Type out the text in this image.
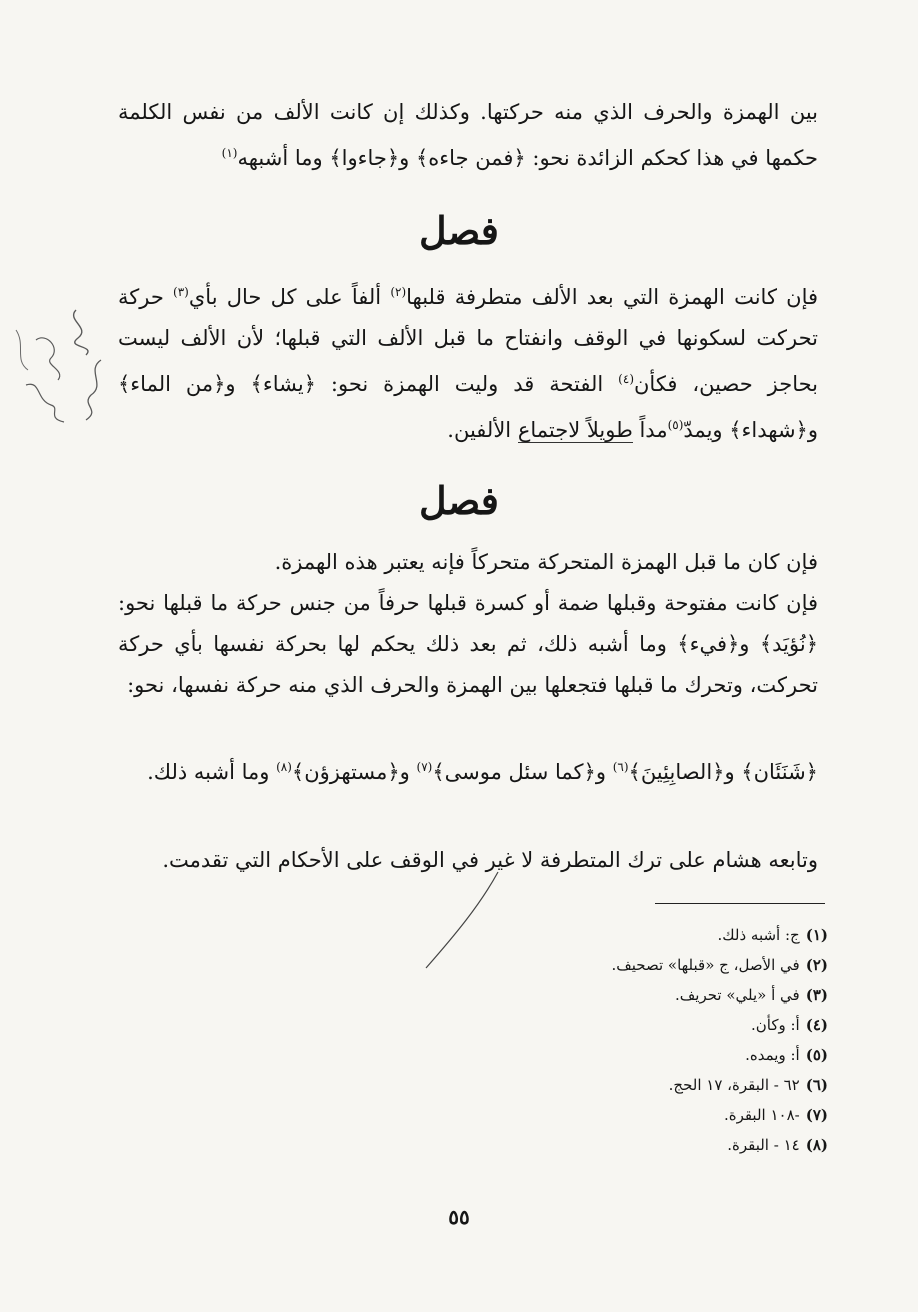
بين الهمزة والحرف الذي منه حركتها. وكذلك إن كانت الألف من نفس الكلمة حكمها في هذا كحكم الزائدة نحو: ﴿فمن جاءه﴾ و﴿جاءوا﴾ وما أشبهه$^{(١)}$

فصل

فإن كانت الهمزة التي بعد الألف متطرفة قلبها$^{(٢)}$ ألفاً على كل حال بأي$^{(٣)}$ حركة تحركت لسكونها في الوقف وانفتاح ما قبل الألف التي قبلها؛ لأن الألف ليست بحاجز حصين، فكأن$^{(٤)}$ الفتحة قد وليت الهمزة نحو: ﴿يشاء﴾ و﴿من الماء﴾ و﴿شهداء﴾ ويمدّ$^{(٥)}$مداً طويلاً لاجتماع الألفين.

فصل

فإن كان ما قبل الهمزة المتحركة متحركاً فإنه يعتبر هذه الهمزة.

فإن كانت مفتوحة وقبلها ضمة أو كسرة قبلها حرفاً من جنس حركة ما قبلها نحو: ﴿نُؤيَد﴾ و﴿فيء﴾ وما أشبه ذلك، ثم بعد ذلك يحكم لها بحركة نفسها بأي حركة تحركت، وتحرك ما قبلها فتجعلها بين الهمزة والحرف الذي منه حركة نفسها، نحو:

﴿شَنَئَان﴾ و﴿الصابِئِينَ﴾$^{(٦)}$ و﴿كما سئل موسى﴾$^{(٧)}$ و﴿مستهزؤن﴾$^{(٨)}$ وما أشبه ذلك.

وتابعه هشام على ترك المتطرفة لا غير في الوقف على الأحكام التي تقدمت.

(١)ج: أشبه ذلك.
(٢)في الأصل، ج «قبلها» تصحيف.
(٣)في أ «يلي» تحريف.
(٤)أ: وكأن.
(٥)أ: ويمده.
(٦)٦٢ - البقرة، ١٧ الحج.
(٧)-١٠٨ البقرة.
(٨)١٤ - البقرة.
٥٥
